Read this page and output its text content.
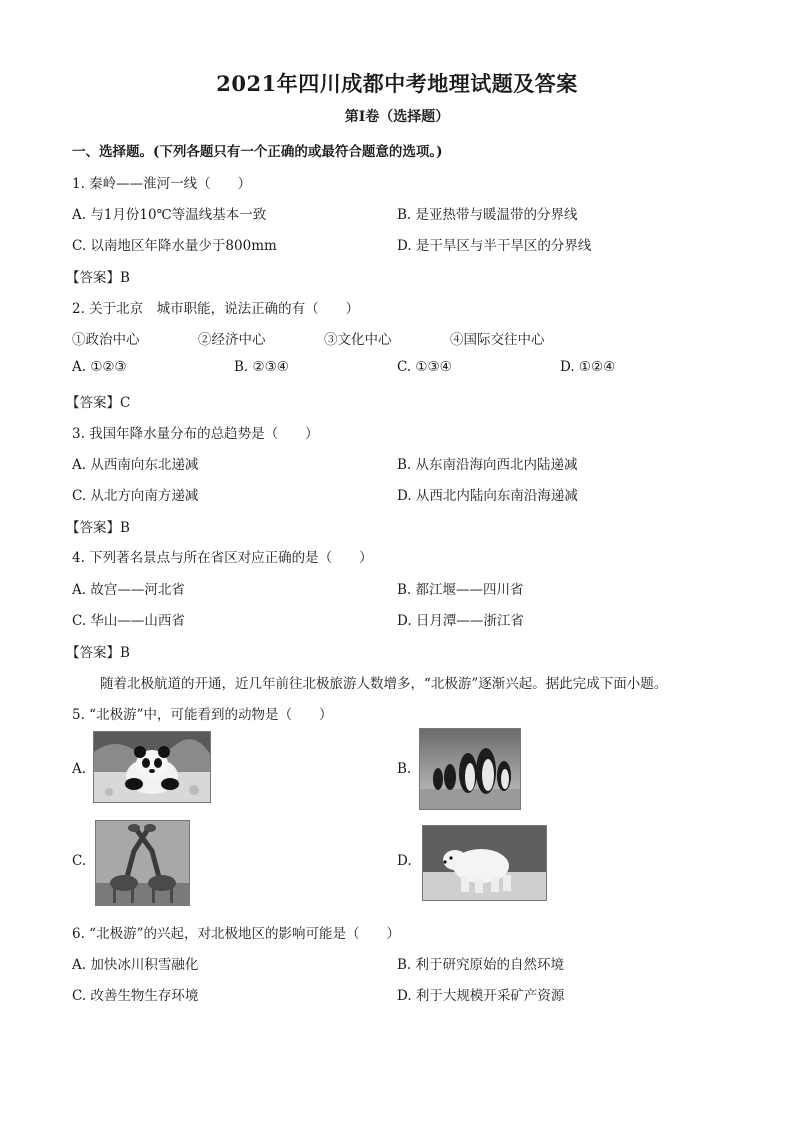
2021年四川成都中考地理试题及答案
第Ⅰ卷（选择题）
一、选择题。(下列各题只有一个正确的或最符合题意的选项。)
1. 秦岭——淮河一线（　　）
A. 与1月份10℃等温线基本一致	B. 是亚热带与暖温带的分界线
C. 以南地区年降水量少于800mm	D. 是干旱区与半干旱区的分界线
【答案】B
2. 关于北京　城市职能，说法正确的有（　　）
①政治中心	②经济中心	③文化中心	④国际交往中心
A. ①②③	B. ②③④	C. ①③④	D. ①②④
【答案】C
3. 我国年降水量分布的总趋势是（　　）
A. 从西南向东北递减	B. 从东南沿海向西北内陆递减
C. 从北方向南方递减	D. 从西北内陆向东南沿海递减
【答案】B
4. 下列著名景点与所在省区对应正确的是（　　）
A. 故宫——河北省	B. 都江堰——四川省
C. 华山——山西省	D. 日月潭——浙江省
【答案】B
随着北极航道的开通，近几年前往北极旅游人数增多，“北极游”逐渐兴起。据此完成下面小题。
5. “北极游”中，可能看到的动物是（　　）
A.	B.
C.	D.
6. “北极游”的兴起，对北极地区的影响可能是（　　）
A. 加快冰川积雪融化	B. 利于研究原始的自然环境
C. 改善生物生存环境	D. 利于大规模开采矿产资源
